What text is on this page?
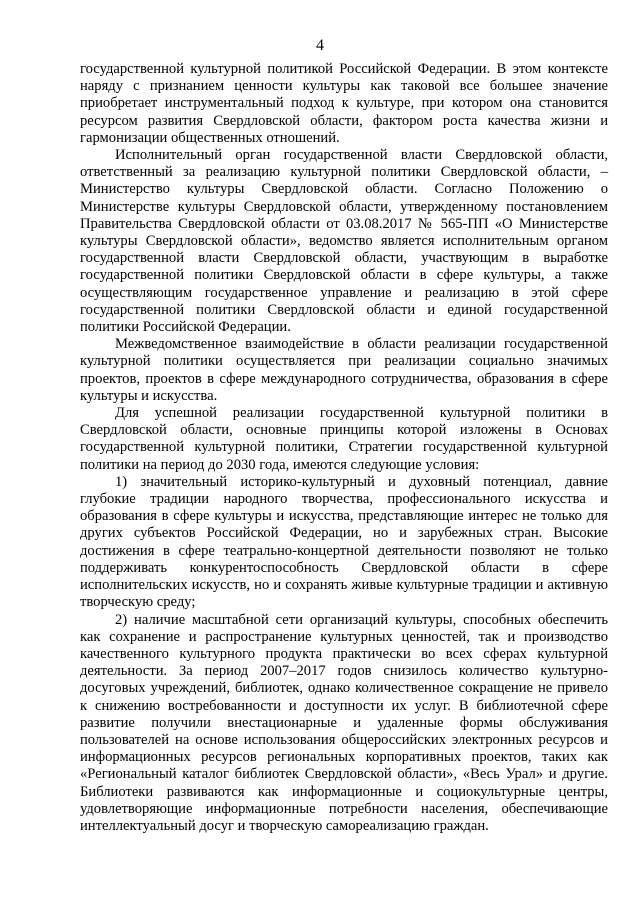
4

государственной культурной политикой Российской Федерации. В этом контексте наряду с признанием ценности культуры как таковой все большее значение приобретает инструментальный подход к культуре, при котором она становится ресурсом развития Свердловской области, фактором роста качества жизни и гармонизации общественных отношений.

Исполнительный орган государственной власти Свердловской области, ответственный за реализацию культурной политики Свердловской области, – Министерство культуры Свердловской области. Согласно Положению о Министерстве культуры Свердловской области, утвержденному постановлением Правительства Свердловской области от 03.08.2017 № 565-ПП «О Министерстве культуры Свердловской области», ведомство является исполнительным органом государственной власти Свердловской области, участвующим в выработке государственной политики Свердловской области в сфере культуры, а также осуществляющим государственное управление и реализацию в этой сфере государственной политики Свердловской области и единой государственной политики Российской Федерации.

Межведомственное взаимодействие в области реализации государственной культурной политики осуществляется при реализации социально значимых проектов, проектов в сфере международного сотрудничества, образования в сфере культуры и искусства.

Для успешной реализации государственной культурной политики в Свердловской области, основные принципы которой изложены в Основах государственной культурной политики, Стратегии государственной культурной политики на период до 2030 года, имеются следующие условия:

1) значительный историко-культурный и духовный потенциал, давние глубокие традиции народного творчества, профессионального искусства и образования в сфере культуры и искусства, представляющие интерес не только для других субъектов Российской Федерации, но и зарубежных стран. Высокие достижения в сфере театрально-концертной деятельности позволяют не только поддерживать конкурентоспособность Свердловской области в сфере исполнительских искусств, но и сохранять живые культурные традиции и активную творческую среду;

2) наличие масштабной сети организаций культуры, способных обеспечить как сохранение и распространение культурных ценностей, так и производство качественного культурного продукта практически во всех сферах культурной деятельности. За период 2007–2017 годов снизилось количество культурно-досуговых учреждений, библиотек, однако количественное сокращение не привело к снижению востребованности и доступности их услуг. В библиотечной сфере развитие получили внестационарные и удаленные формы обслуживания пользователей на основе использования общероссийских электронных ресурсов и информационных ресурсов региональных корпоративных проектов, таких как «Региональный каталог библиотек Свердловской области», «Весь Урал» и другие. Библиотеки развиваются как информационные и социокультурные центры, удовлетворяющие информационные потребности населения, обеспечивающие интеллектуальный досуг и творческую самореализацию граждан.
